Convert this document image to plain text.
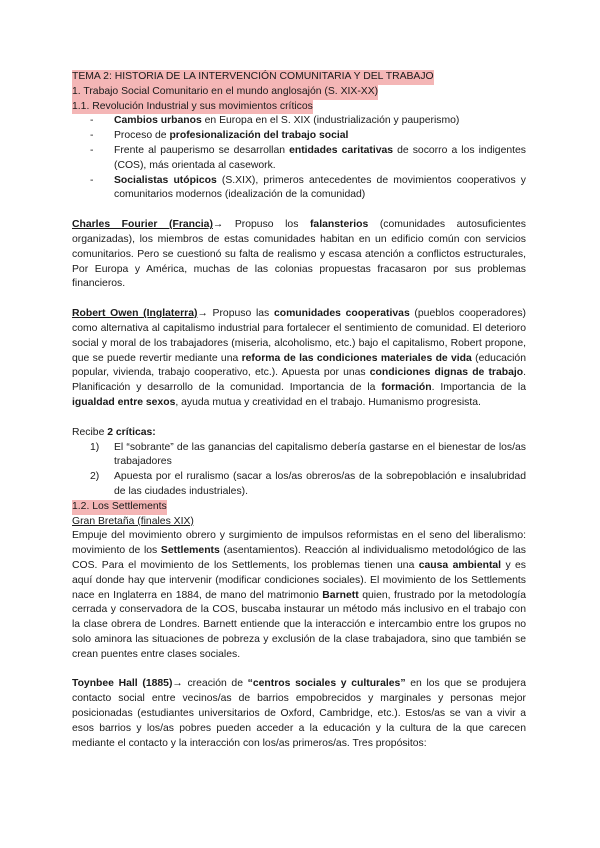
TEMA 2: HISTORIA DE LA INTERVENCIÓN COMUNITARIA Y DEL TRABAJO
1. Trabajo Social Comunitario en el mundo anglosajón (S. XIX-XX)
1.1. Revolución Industrial y sus movimientos críticos
- Cambios urbanos en Europa en el S. XIX (industrialización y pauperismo)
- Proceso de profesionalización del trabajo social
- Frente al pauperismo se desarrollan entidades caritativas de socorro a los indigentes (COS), más orientada al casework.
- Socialistas utópicos (S.XIX), primeros antecedentes de movimientos cooperativos y comunitarios modernos (idealización de la comunidad)

Charles Fourier (Francia)→ Propuso los falansterios (comunidades autosuficientes organizadas), los miembros de estas comunidades habitan en un edificio común con servicios comunitarios. Pero se cuestionó su falta de realismo y escasa atención a conflictos estructurales, Por Europa y América, muchas de las colonias propuestas fracasaron por sus problemas financieros.

Robert Owen (Inglaterra)→ Propuso las comunidades cooperativas (pueblos cooperadores) como alternativa al capitalismo industrial para fortalecer el sentimiento de comunidad. El deterioro social y moral de los trabajadores (miseria, alcoholismo, etc.) bajo el capitalismo, Robert propone, que se puede revertir mediante una reforma de las condiciones materiales de vida (educación popular, vivienda, trabajo cooperativo, etc.). Apuesta por unas condiciones dignas de trabajo. Planificación y desarrollo de la comunidad. Importancia de la formación. Importancia de la igualdad entre sexos, ayuda mutua y creatividad en el trabajo. Humanismo progresista.

Recibe 2 críticas:
1) El “sobrante” de las ganancias del capitalismo debería gastarse en el bienestar de los/as trabajadores
2) Apuesta por el ruralismo (sacar a los/as obreros/as de la sobrepoblación e insalubridad de las ciudades industriales).
1.2. Los Settlements
Gran Bretaña (finales XIX)

Empuje del movimiento obrero y surgimiento de impulsos reformistas en el seno del liberalismo: movimiento de los Settlements (asentamientos). Reacción al individualismo metodológico de las COS. Para el movimiento de los Settlements, los problemas tienen una causa ambiental y es aquí donde hay que intervenir (modificar condiciones sociales). El movimiento de los Settlements nace en Inglaterra en 1884, de mano del matrimonio Barnett quien, frustrado por la metodología cerrada y conservadora de la COS, buscaba instaurar un método más inclusivo en el trabajo con la clase obrera de Londres. Barnett entiende que la interacción e intercambio entre los grupos no solo aminora las situaciones de pobreza y exclusión de la clase trabajadora, sino que también se crean puentes entre clases sociales.

Toynbee Hall (1885)→ creación de “centros sociales y culturales” en los que se produjera contacto social entre vecinos/as de barrios empobrecidos y marginales y personas mejor posicionadas (estudiantes universitarios de Oxford, Cambridge, etc.). Estos/as se van a vivir a esos barrios y los/as pobres pueden acceder a la educación y la cultura de la que carecen mediante el contacto y la interacción con los/as primeros/as. Tres propósitos:
